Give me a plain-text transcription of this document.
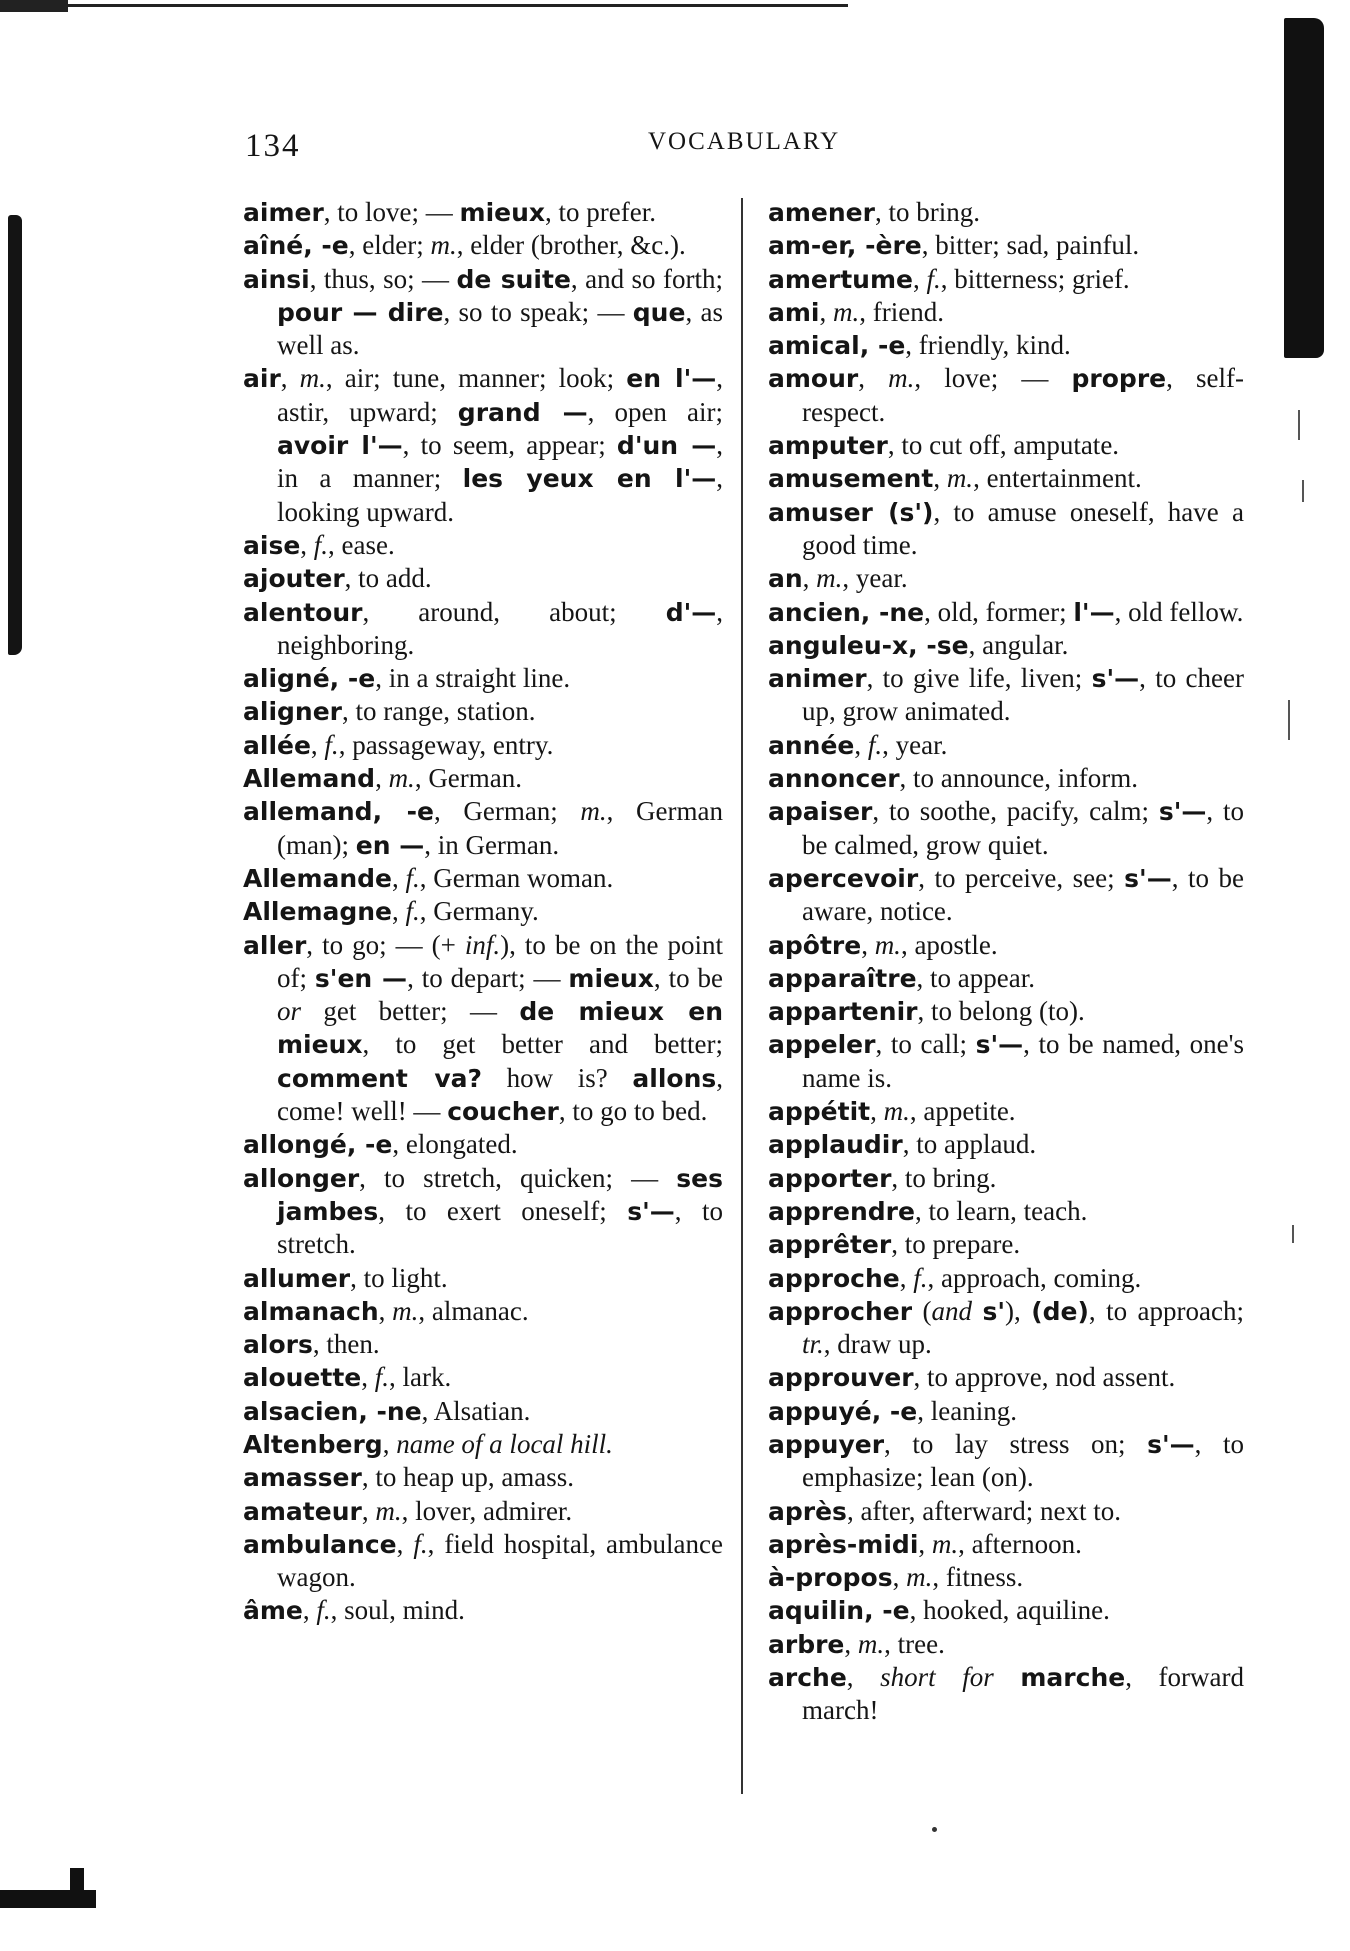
134	VOCABULARY

aimer, to love; — mieux, to prefer.

aîné, -e, elder; m., elder (brother, &c.).

ainsi, thus, so; — de suite, and so forth; pour — dire, so to speak; — que, as well as.

air, m., air; tune, manner; look; en l'—, astir, upward; grand —, open air; avoir l'—, to seem, appear; d'un —, in a manner; les yeux en l'—, looking upward.

aise, f., ease.

ajouter, to add.

alentour, around, about; d'—, neighboring.

aligné, -e, in a straight line.

aligner, to range, station.

allée, f., passageway, entry.

Allemand, m., German.

allemand, -e, German; m., German (man); en —, in German.

Allemande, f., German woman.

Allemagne, f., Germany.

aller, to go; — (+ inf.), to be on the point of; s'en —, to depart; — mieux, to be or get better; — de mieux en mieux, to get better and better; comment va? how is? allons, come! well! — coucher, to go to bed.

allongé, -e, elongated.

allonger, to stretch, quicken; — ses jambes, to exert oneself; s'—, to stretch.

allumer, to light.

almanach, m., almanac.

alors, then.

alouette, f., lark.

alsacien, -ne, Alsatian.

Altenberg, name of a local hill.

amasser, to heap up, amass.

amateur, m., lover, admirer.

ambulance, f., field hospital, ambulance wagon.

âme, f., soul, mind.

amener, to bring.

am-er, -ère, bitter; sad, painful.

amertume, f., bitterness; grief.

ami, m., friend.

amical, -e, friendly, kind.

amour, m., love; — propre, self-respect.

amputer, to cut off, amputate.

amusement, m., entertainment.

amuser (s'), to amuse oneself, have a good time.

an, m., year.

ancien, -ne, old, former; l'—, old fellow.

anguleu-x, -se, angular.

animer, to give life, liven; s'—, to cheer up, grow animated.

année, f., year.

annoncer, to announce, inform.

apaiser, to soothe, pacify, calm; s'—, to be calmed, grow quiet.

apercevoir, to perceive, see; s'—, to be aware, notice.

apôtre, m., apostle.

apparaître, to appear.

appartenir, to belong (to).

appeler, to call; s'—, to be named, one's name is.

appétit, m., appetite.

applaudir, to applaud.

apporter, to bring.

apprendre, to learn, teach.

apprêter, to prepare.

approche, f., approach, coming.

approcher (and s'), (de), to approach; tr., draw up.

approuver, to approve, nod assent.

appuyé, -e, leaning.

appuyer, to lay stress on; s'—, to emphasize; lean (on).

après, after, afterward; next to.

après-midi, m., afternoon.

à-propos, m., fitness.

aquilin, -e, hooked, aquiline.

arbre, m., tree.

arche, short for marche, forward march!
